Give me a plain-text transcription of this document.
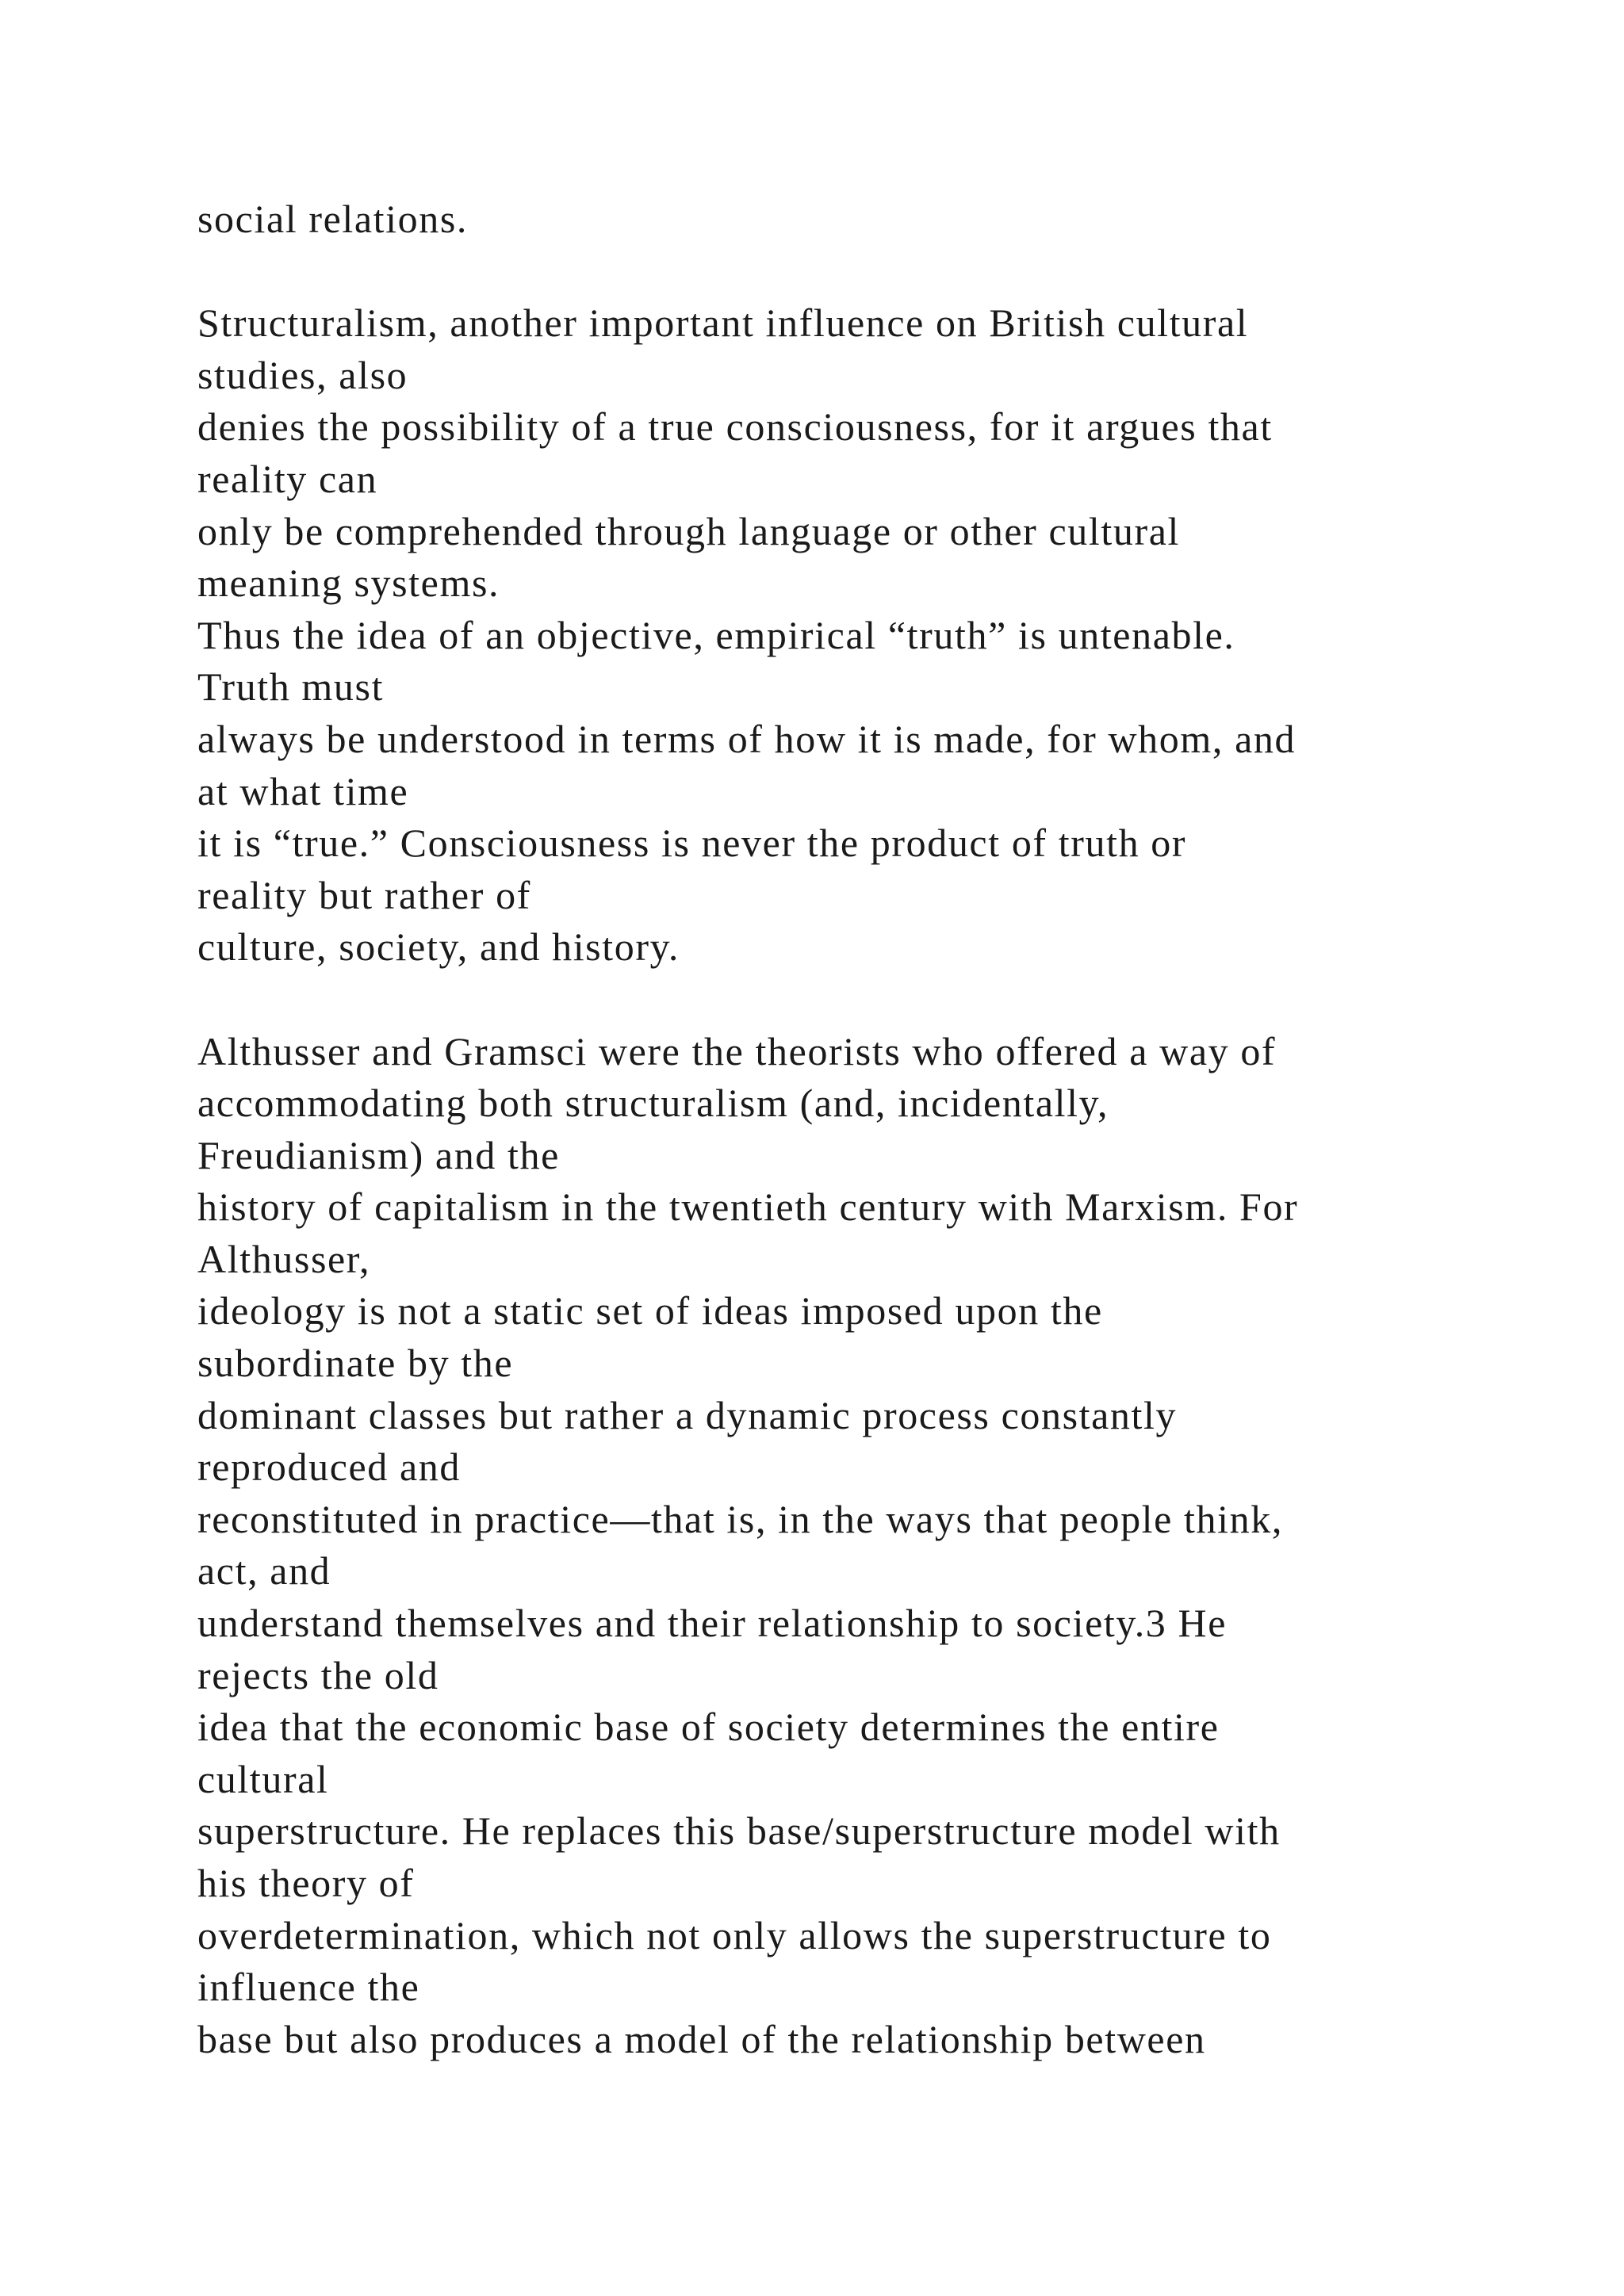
social relations.
Structuralism, another important influence on British cultural
studies, also
denies the possibility of a true consciousness, for it argues that
reality can
only be comprehended through language or other cultural
meaning systems.
Thus the idea of an objective, empirical “truth” is untenable.
Truth must
always be understood in terms of how it is made, for whom, and
at what time
it is “true.” Consciousness is never the product of truth or
reality but rather of
culture, society, and history.
Althusser and Gramsci were the theorists who offered a way of
accommodating both structuralism (and, incidentally,
Freudianism) and the
history of capitalism in the twentieth century with Marxism. For
Althusser,
ideology is not a static set of ideas imposed upon the
subordinate by the
dominant classes but rather a dynamic process constantly
reproduced and
reconstituted in practice—that is, in the ways that people think,
act, and
understand themselves and their relationship to society.3 He
rejects the old
idea that the economic base of society determines the entire
cultural
superstructure. He replaces this base/superstructure model with
his theory of
overdetermination, which not only allows the superstructure to
influence the
base but also produces a model of the relationship between
